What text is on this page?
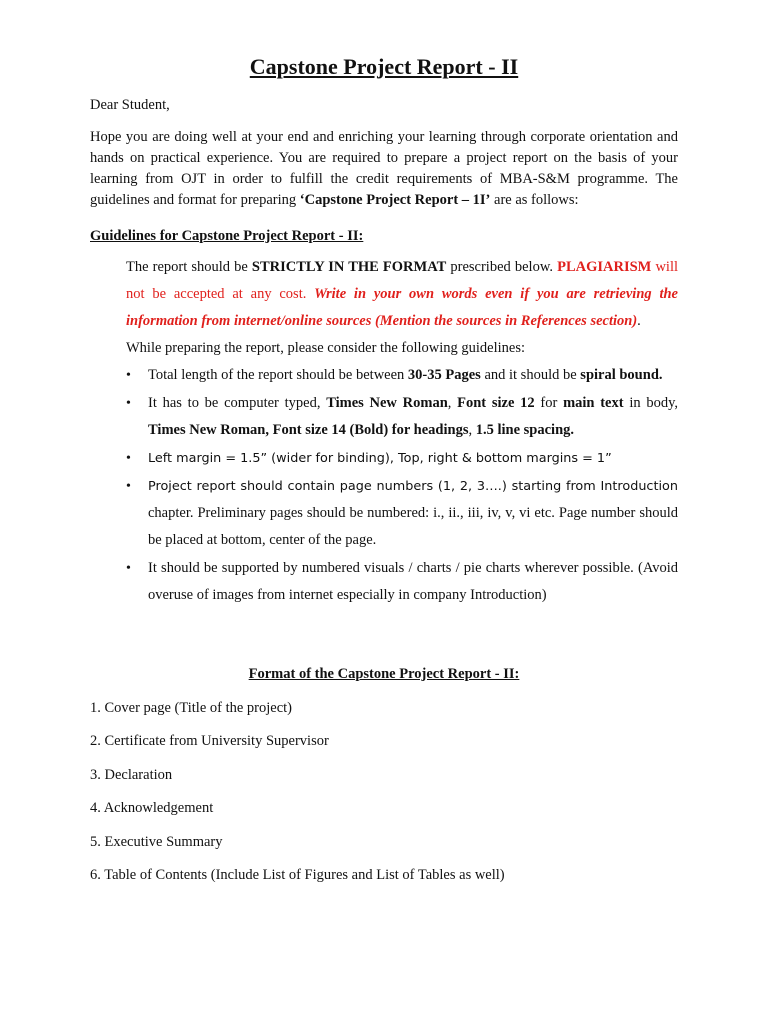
Capstone Project Report - II
Dear Student,
Hope you are doing well at your end and enriching your learning through corporate orientation and hands on practical experience. You are required to prepare a project report on the basis of your learning from OJT in order to fulfill the credit requirements of MBA-S&M programme. The guidelines and format for preparing ‘Capstone Project Report – 1I’ are as follows:
Guidelines for Capstone Project Report - II:
The report should be STRICTLY IN THE FORMAT prescribed below. PLAGIARISM will not be accepted at any cost. Write in your own words even if you are retrieving the information from internet/online sources (Mention the sources in References section).
While preparing the report, please consider the following guidelines:
• Total length of the report should be between 30-35 Pages and it should be spiral bound.
• It has to be computer typed, Times New Roman, Font size 12 for main text in body, Times New Roman, Font size 14 (Bold) for headings, 1.5 line spacing.
• Left margin = 1.5” (wider for binding), Top, right & bottom margins = 1”
• Project report should contain page numbers (1, 2, 3….) starting from Introduction chapter. Preliminary pages should be numbered: i., ii., iii, iv, v, vi etc. Page number should be placed at bottom, center of the page.
• It should be supported by numbered visuals / charts / pie charts wherever possible. (Avoid overuse of images from internet especially in company Introduction)
Format of the Capstone Project Report - II:
1. Cover page (Title of the project)
2. Certificate from University Supervisor
3. Declaration
4. Acknowledgement
5. Executive Summary
6. Table of Contents (Include List of Figures and List of Tables as well)
